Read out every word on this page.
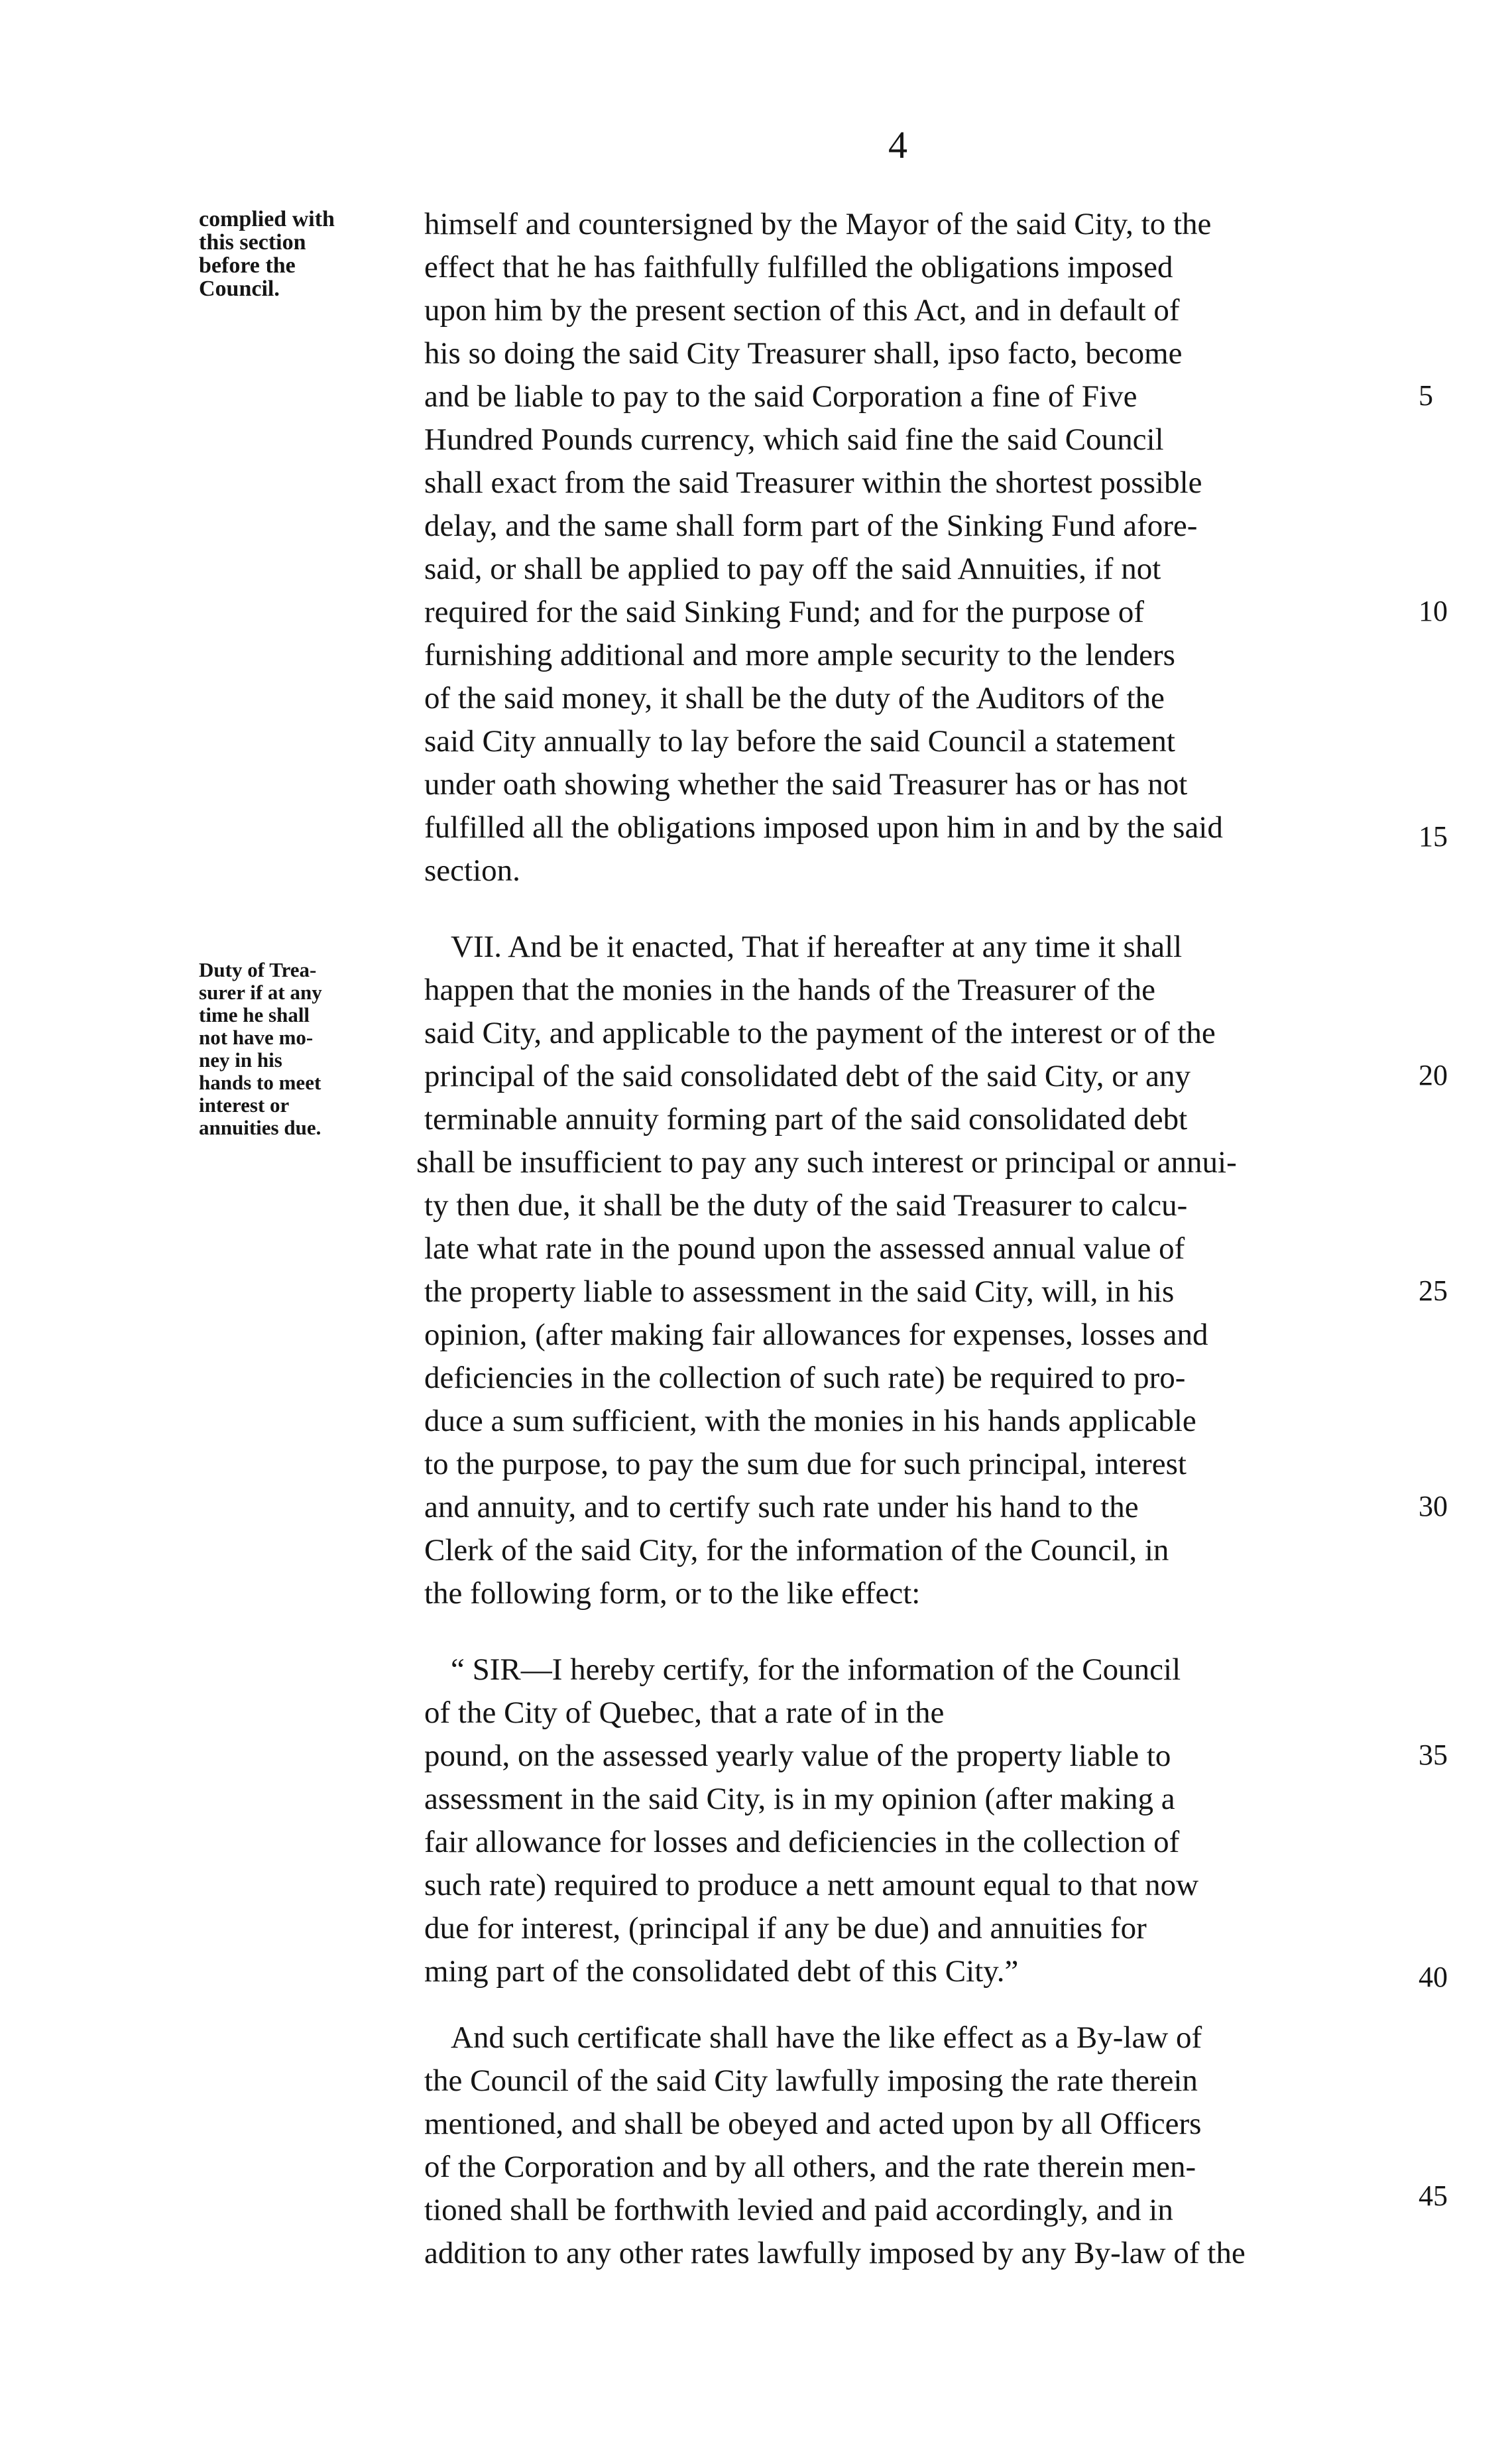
4
complied with
this section
before the
Council.
Duty of Trea-
surer if at any
time he shall
not have mo-
ney in his
hands to meet
interest or
annuities due.
himself and countersigned by the Mayor of the said City, to the
effect that he has faithfully fulfilled the obligations imposed
upon him by the present section of this Act, and in default of
his so doing the said City Treasurer shall, ipso facto, become
and be liable to pay to the said Corporation a fine of Five
Hundred Pounds currency, which said fine the said Council
shall exact from the said Treasurer within the shortest possible
delay, and the same shall form part of the Sinking Fund afore-
said, or shall be applied to pay off the said Annuities, if not
required for the said Sinking Fund; and for the purpose of
furnishing additional and more ample security to the lenders
of the said money, it shall be the duty of the Auditors of the
said City annually to lay before the said Council a statement
under oath showing whether the said Treasurer has or has not
fulfilled all the obligations imposed upon him in and by the said
section.
VII. And be it enacted, That if hereafter at any time it shall
happen that the monies in the hands of the Treasurer of the
said City, and applicable to the payment of the interest or of the
principal of the said consolidated debt of the said City, or any
terminable annuity forming part of the said consolidated debt
shall be insufficient to pay any such interest or principal or annui-
ty then due, it shall be the duty of the said Treasurer to calcu-
late what rate in the pound upon the assessed annual value of
the property liable to assessment in the said City, will, in his
opinion, (after making fair allowances for expenses, losses and
deficiencies in the collection of such rate) be required to pro-
duce a sum sufficient, with the monies in his hands applicable
to the purpose, to pay the sum due for such principal, interest
and annuity, and to certify such rate under his hand to the
Clerk of the said City, for the information of the Council, in
the following form, or to the like effect:
“ SIR—I hereby certify, for the information of the Council
of the City of Quebec, that a rate of in the
pound, on the assessed yearly value of the property liable to
assessment in the said City, is in my opinion (after making a
fair allowance for losses and deficiencies in the collection of
such rate) required to produce a nett amount equal to that now
due for interest, (principal if any be due) and annuities for
ming part of the consolidated debt of this City.”
And such certificate shall have the like effect as a By-law of
the Council of the said City lawfully imposing the rate therein
mentioned, and shall be obeyed and acted upon by all Officers
of the Corporation and by all others, and the rate therein men-
tioned shall be forthwith levied and paid accordingly, and in
addition to any other rates lawfully imposed by any By-law of the
5
10
15
20
25
30
35
40
45
